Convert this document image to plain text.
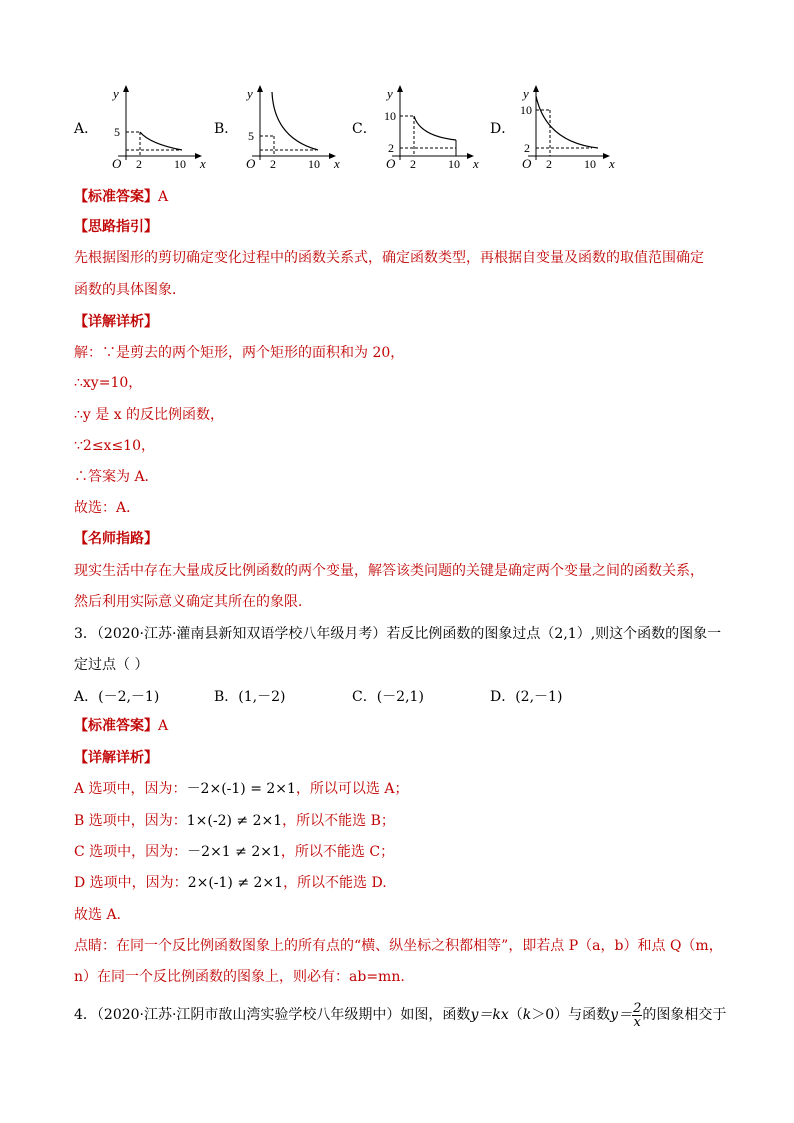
A．
y
x
O
5
2	10
B．
y
x
O
5
2	10
C．
y
x
O
10
2
2	10
D．
y
x
O
10
2
2	10
【标准答案】A
【思路指引】
先根据图形的剪切确定变化过程中的函数关系式，确定函数类型，再根据自变量及函数的取值范围确定
函数的具体图象．
【详解详析】
解：∵是剪去的两个矩形，两个矩形的面积和为 20，
∴xy=10，
∴y 是 x 的反比例函数，
∵2≤x≤10，
∴答案为 A．
故选：A．
【名师指路】
现实生活中存在大量成反比例函数的两个变量，解答该类问题的关键是确定两个变量之间的函数关系，
然后利用实际意义确定其所在的象限．
3．（2020·江苏·灌南县新知双语学校八年级月考）若反比例函数的图象过点（2,1）,则这个函数的图象一
定过点（ ）
A．(－2,－1)	B．(1,－2)	C．(－2,1)	D．(2,－1)
【标准答案】A
【详解详析】
A 选项中，因为：－2×(-1) = 2×1，所以可以选 A；
B 选项中，因为：1×(-2) ≠ 2×1，所以不能选 B；
C 选项中，因为：－2×1 ≠ 2×1，所以不能选 C；
D 选项中，因为：2×(-1) ≠ 2×1，所以不能选 D.
故选 A.
点睛：在同一个反比例函数图象上的所有点的“横、纵坐标之积都相等”，即若点 P（a，b）和点 Q（m，
n）在同一个反比例函数的图象上，则必有：ab=mn.
4．（2020·江苏·江阴市敔山湾实验学校八年级期中）如图，函数y＝kx（k＞0）与函数$y= \frac{2}{x}$ 的图象相交于
